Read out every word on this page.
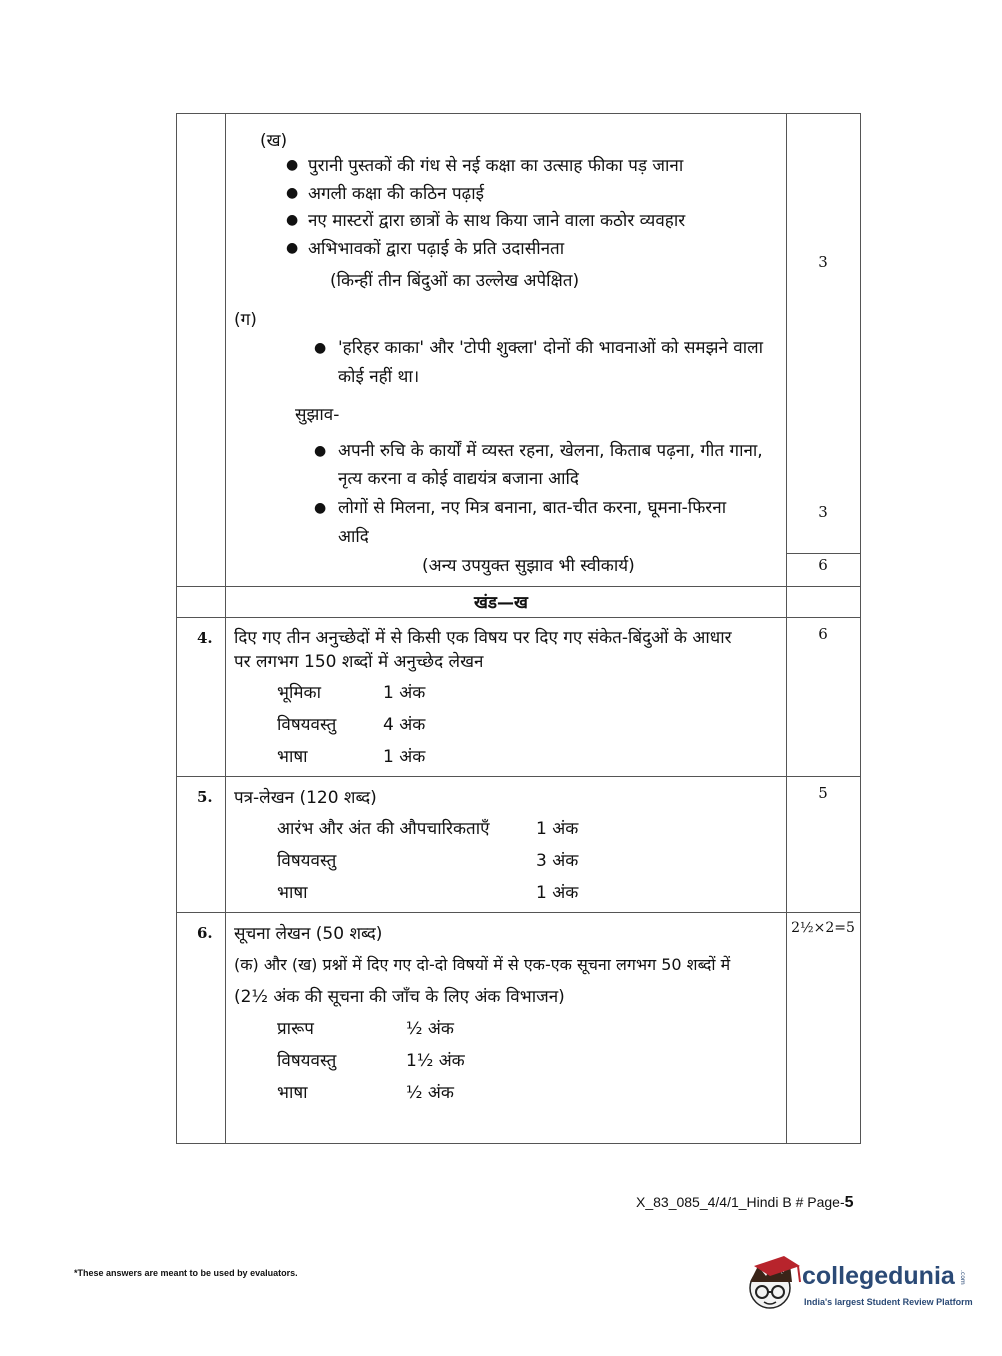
(ख)
● पुरानी पुस्तकों की गंध से नई कक्षा का उत्साह फीका पड़ जाना
● अगली कक्षा की कठिन पढ़ाई
● नए मास्टरों द्वारा छात्रों के साथ किया जाने वाला कठोर व्यवहार
● अभिभावकों द्वारा पढ़ाई के प्रति उदासीनता
(किन्हीं तीन बिंदुओं का उल्लेख अपेक्षित)
3
(ग)
● 'हरिहर काका' और 'टोपी शुक्ला' दोनों की भावनाओं को समझने वाला
कोई नहीं था।
सुझाव-
● अपनी रुचि के कार्यों में व्यस्त रहना, खेलना, किताब पढ़ना, गीत गाना,
नृत्य करना व कोई वाद्ययंत्र बजाना आदि
● लोगों से मिलना, नए मित्र बनाना, बात-चीत करना, घूमना-फिरना
आदि
(अन्य उपयुक्त सुझाव भी स्वीकार्य)
3
6
खंड—ख
4. दिए गए तीन अनुच्छेदों में से किसी एक विषय पर दिए गए संकेत-बिंदुओं के आधार
पर लगभग 150 शब्दों में अनुच्छेद लेखन
भूमिका	1 अंक
विषयवस्तु	4 अंक
भाषा	1 अंक
6
5. पत्र-लेखन (120 शब्द)
आरंभ और अंत की औपचारिकताएँ	1 अंक
विषयवस्तु	3 अंक
भाषा	1 अंक
5
6. सूचना लेखन (50 शब्द)
(क) और (ख) प्रश्नों में दिए गए दो-दो विषयों में से एक-एक सूचना लगभग 50 शब्दों में
(2½ अंक की सूचना की जाँच के लिए अंक विभाजन)
प्रारूप	½ अंक
विषयवस्तु	1½ अंक
भाषा	½ अंक
2½×2=5
X_83_085_4/4/1_Hindi B # Page-5
*These answers are meant to be used by evaluators.	collegedunia .com
India's largest Student Review Platform
